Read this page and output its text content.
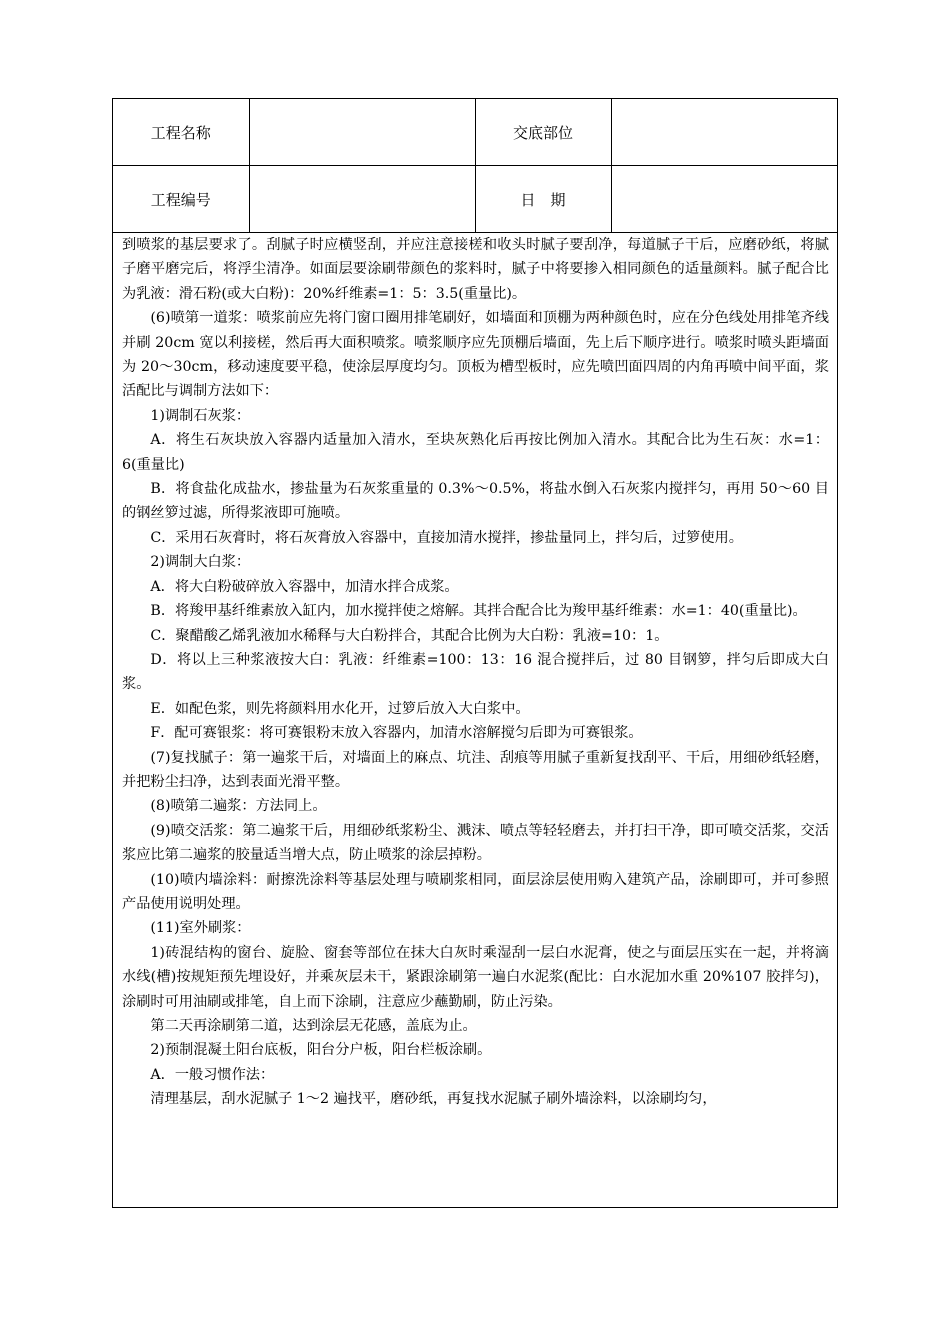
工程名称		交底部位	
工程编号		日　期	

到喷浆的基层要求了。刮腻子时应横竖刮，并应注意接槎和收头时腻子要刮净，每道腻子干后，应磨砂纸，将腻子磨平磨完后，将浮尘清净。如面层要涂刷带颜色的浆料时，腻子中将要掺入相同颜色的适量颜料。腻子配合比为乳液：滑石粉(或大白粉)：20%纤维素=1：5：3.5(重量比)。

(6)喷第一道浆：喷浆前应先将门窗口圈用排笔刷好，如墙面和顶棚为两种颜色时，应在分色线处用排笔齐线并刷 20cm 宽以利接槎，然后再大面积喷浆。喷浆顺序应先顶棚后墙面，先上后下顺序进行。喷浆时喷头距墙面为 20～30cm，移动速度要平稳，使涂层厚度均匀。顶板为槽型板时，应先喷凹面四周的内角再喷中间平面，浆活配比与调制方法如下：

1)调制石灰浆：

A．将生石灰块放入容器内适量加入清水，至块灰熟化后再按比例加入清水。其配合比为生石灰：水=1：6(重量比)

B．将食盐化成盐水，掺盐量为石灰浆重量的 0.3%～0.5%，将盐水倒入石灰浆内搅拌匀，再用 50～60 目的钢丝箩过滤，所得浆液即可施喷。

C．采用石灰膏时，将石灰膏放入容器中，直接加清水搅拌，掺盐量同上，拌匀后，过箩使用。

2)调制大白浆：

A．将大白粉破碎放入容器中，加清水拌合成浆。

B．将羧甲基纤维素放入缸内，加水搅拌使之熔解。其拌合配合比为羧甲基纤维素：水=1：40(重量比)。

C．聚醋酸乙烯乳液加水稀释与大白粉拌合，其配合比例为大白粉：乳液=10：1。

D．将以上三种浆液按大白：乳液：纤维素=100：13：16 混合搅拌后，过 80 目钢箩，拌匀后即成大白浆。

E．如配色浆，则先将颜料用水化开，过箩后放入大白浆中。

F．配可赛银浆：将可赛银粉末放入容器内，加清水溶解搅匀后即为可赛银浆。

(7)复找腻子：第一遍浆干后，对墙面上的麻点、坑洼、刮痕等用腻子重新复找刮平、干后，用细砂纸轻磨，并把粉尘扫净，达到表面光滑平整。

(8)喷第二遍浆：方法同上。

(9)喷交活浆：第二遍浆干后，用细砂纸浆粉尘、溅沫、喷点等轻轻磨去，并打扫干净，即可喷交活浆，交活浆应比第二遍浆的胶量适当增大点，防止喷浆的涂层掉粉。

(10)喷内墙涂料：耐擦洗涂料等基层处理与喷刷浆相同，面层涂层使用购入建筑产品，涂刷即可，并可参照产品使用说明处理。

(11)室外刷浆：

1)砖混结构的窗台、旋脸、窗套等部位在抹大白灰时乘湿刮一层白水泥膏，使之与面层压实在一起，并将滴水线(槽)按规矩预先埋设好，并乘灰层未干，紧跟涂刷第一遍白水泥浆(配比：白水泥加水重 20%107 胶拌匀)，涂刷时可用油刷或排笔，自上而下涂刷，注意应少蘸勤刷，防止污染。

第二天再涂刷第二道，达到涂层无花感，盖底为止。

2)预制混凝土阳台底板，阳台分户板，阳台栏板涂刷。

A．一般习惯作法：

清理基层，刮水泥腻子 1～2 遍找平，磨砂纸，再复找水泥腻子刷外墙涂料，以涂刷均匀，
